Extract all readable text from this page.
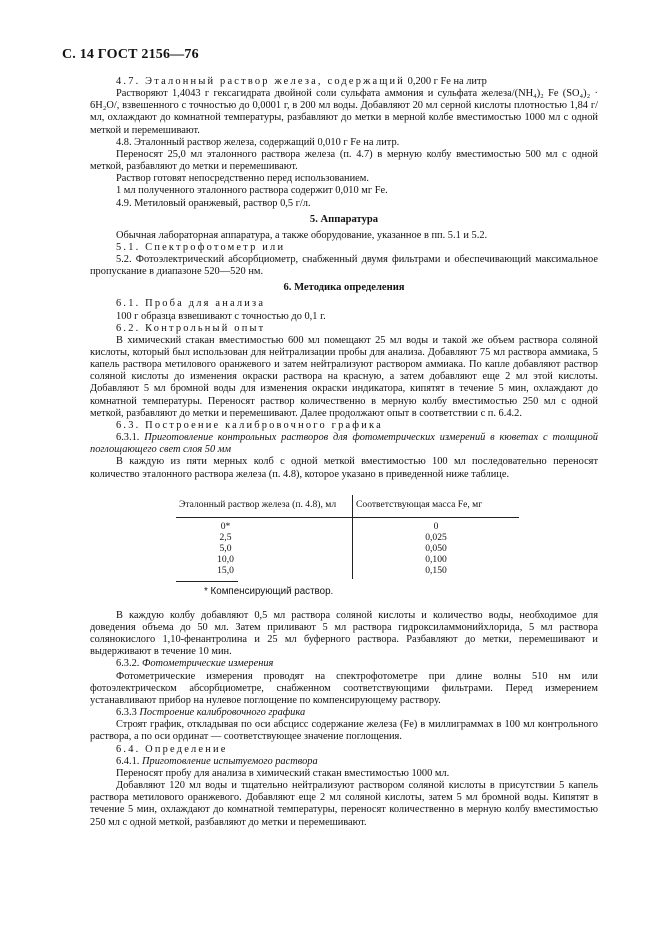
С. 14 ГОСТ 2156—76

4.7. Эталонный раствор железа, содержащий 0,200 г Fe на литр

Растворяют 1,4043 г гексагидрата двойной соли сульфата аммония и сульфата железа/(NH₄)₂ Fe (SO₄)₂ · 6H₂O/, взвешенного с точностью до 0,0001 г, в 200 мл воды. Добавляют 20 мл серной кислоты плотностью 1,84 г/мл, охлаждают до комнатной температуры, разбавляют до метки в мерной колбе вместимостью 1000 мл с одной меткой и перемешивают.

4.8. Эталонный раствор железа, содержащий 0,010 г Fe на литр.

Переносят 25,0 мл эталонного раствора железа (п. 4.7) в мерную колбу вместимостью 500 мл с одной меткой, разбавляют до метки и перемешивают.

Раствор готовят непосредственно перед использованием.

1 мл полученного эталонного раствора содержит 0,010 мг Fe.

4.9. Метиловый оранжевый, раствор 0,5 г/л.

5. Аппаратура

Обычная лабораторная аппаратура, а также оборудование, указанное в пп. 5.1 и 5.2.

5.1. Спектрофотометр или

5.2. Фотоэлектрический абсорбциометр, снабженный двумя фильтрами и обеспечивающий максимальное пропускание в диапазоне 520—520 нм.

6. Методика определения

6.1. Проба для анализа

100 г образца взвешивают с точностью до 0,1 г.

6.2. Контрольный опыт

В химический стакан вместимостью 600 мл помещают 25 мл воды и такой же объем раствора соляной кислоты, который был использован для нейтрализации пробы для анализа. Добавляют 75 мл раствора аммиака, 5 капель раствора метилового оранжевого и затем нейтрализуют раствором аммиака. По капле добавляют раствор соляной кислоты до изменения окраски раствора на красную, а затем добавляют еще 2 мл этой кислоты. Добавляют 5 мл бромной воды для изменения окраски индикатора, кипятят в течение 5 мин, охлаждают до комнатной температуры. Переносят раствор количественно в мерную колбу вместимостью 250 мл с одной меткой, разбавляют до метки и перемешивают. Далее продолжают опыт в соответствии с п. 6.4.2.

6.3. Построение калибровочного графика

6.3.1. Приготовление контрольных растворов для фотометрических измерений в кюветах с толщиной поглощающего свет слоя 50 мм

В каждую из пяти мерных колб с одной меткой вместимостью 100 мл последовательно переносят количество эталонного раствора железа (п. 4.8), которое указано в приведенной ниже таблице.

Эталонный раствор железа (п. 4.8), мл	Соответствующая масса Fe, мг
0*	0
2,5	0,025
5,0	0,050
10,0	0,100
15,0	0,150
* Компенсирующий раствор.

В каждую колбу добавляют 0,5 мл раствора соляной кислоты и количество воды, необходимое для доведения объема до 50 мл. Затем приливают 5 мл раствора гидроксиламмонийхлорида, 5 мл раствора солянокислого 1,10-фенантролина и 25 мл буферного раствора. Разбавляют до метки, перемешивают и выдерживают в течение 10 мин.

6.3.2. Фотометрические измерения

Фотометрические измерения проводят на спектрофотометре при длине волны 510 нм или фотоэлектрическом абсорбциометре, снабженном соответствующими фильтрами. Перед измерением устанавливают прибор на нулевое поглощение по компенсирующему раствору.

6.3.3 Построение калибровочного графика

Строят график, откладывая по оси абсцисс содержание железа (Fe) в миллиграммах в 100 мл контрольного раствора, а по оси ординат — соответствующее значение поглощения.

6.4. Определение

6.4.1. Приготовление испытуемого раствора

Переносят пробу для анализа в химический стакан вместимостью 1000 мл.

Добавляют 120 мл воды и тщательно нейтрализуют раствором соляной кислоты в присутствии 5 капель раствора метилового оранжевого. Добавляют еще 2 мл соляной кислоты, затем 5 мл бромной воды. Кипятят в течение 5 мин, охлаждают до комнатной температуры, переносят количественно в мерную колбу вместимостью 250 мл с одной меткой, разбавляют до метки и перемешивают.
